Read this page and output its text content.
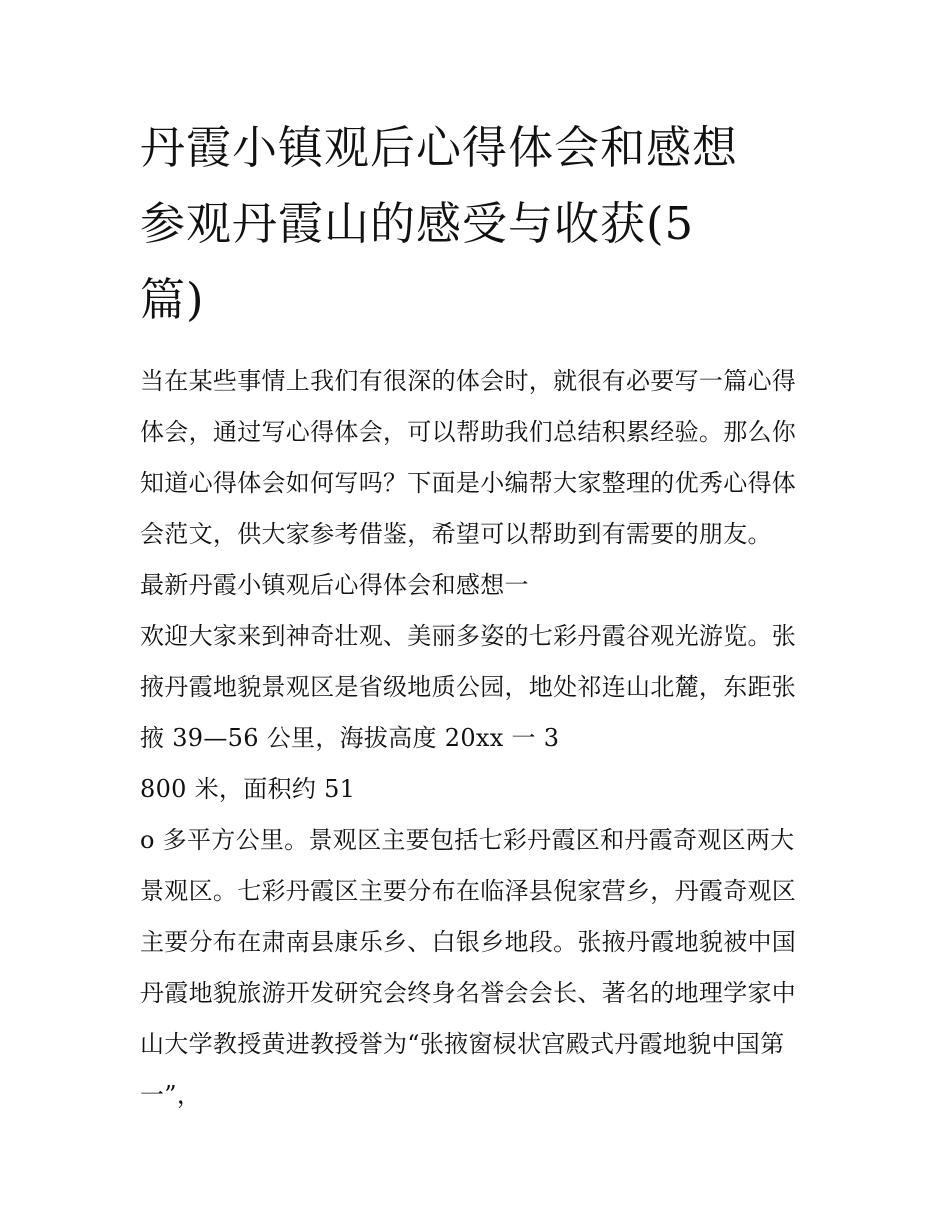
丹霞小镇观后心得体会和感想
参观丹霞山的感受与收获(5
篇)
当在某些事情上我们有很深的体会时，就很有必要写一篇心得
体会，通过写心得体会，可以帮助我们总结积累经验。那么你
知道心得体会如何写吗？下面是小编帮大家整理的优秀心得体
会范文，供大家参考借鉴，希望可以帮助到有需要的朋友。
最新丹霞小镇观后心得体会和感想一
欢迎大家来到神奇壮观、美丽多姿的七彩丹霞谷观光游览。张
掖丹霞地貌景观区是省级地质公园，地处祁连山北麓，东距张
掖 39—56 公里，海拔高度 20xx 一 3
800 米，面积约 51
o 多平方公里。景观区主要包括七彩丹霞区和丹霞奇观区两大
景观区。七彩丹霞区主要分布在临泽县倪家营乡，丹霞奇观区
主要分布在肃南县康乐乡、白银乡地段。张掖丹霞地貌被中国
丹霞地貌旅游开发研究会终身名誉会会长、著名的地理学家中
山大学教授黄进教授誉为“张掖窗棂状宫殿式丹霞地貌中国第
一”，
